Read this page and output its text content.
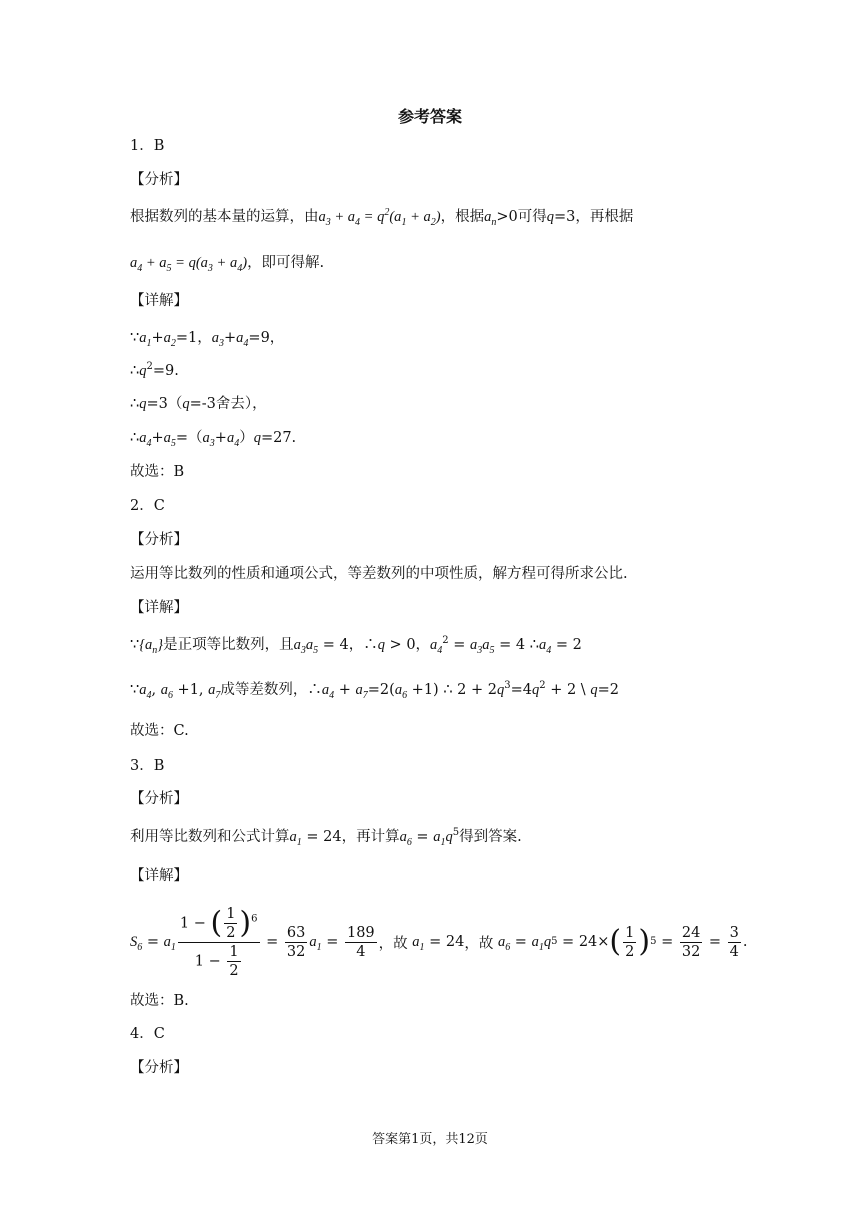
参考答案
1．B
【分析】
根据数列的基本量的运算，由$a_3 + a_4 = q^2(a_1 + a_2)$，根据$a_n>0$可得q=3，再根据
$a_4 + a_5 = q(a_3 + a_4)$，即可得解.
【详解】
$\because a_1+a_2=1$，$a_3+a_4=9$，
$\therefore q^2=9$.
∴q=3（q=-3舍去），
$\therefore a_4+a_5=(a_3+a_4)q=27$.
故选：B
2．C
【分析】
运用等比数列的性质和通项公式，等差数列的中项性质，解方程可得所求公比.
【详解】
$\because\{a_n\}$是正项等比数列，且$a_3a_5 = 4$，∴q > 0，$a_4^2 = a_3a_5 = 4$ $\therefore a_4 = 2$
$\because a_4$, $a_6 +1$, $a_7$成等差数列，$\therefore a_4 + a_7=2(a_6 +1)$ ∴ $2 + 2q^3=4q^2 + 2$ \ q=2
故选：C.
3．B
【分析】
利用等比数列和公式计算$a_1 = 24$，再计算$a_6 = a_1q^5$得到答案.
【详解】
$S_6 = a_1 \frac{1 - ( \frac{1}{2} )^6}{1 - \frac{1}{2}} = \frac{63}{32} a_1 = \frac{189}{4}$ ，故
$a_1 = 24$ ，故
$a_6 = a_1q$ 5 = 24× ( $\frac{1}{2}$ ) $5 = \frac{24}{32} = \frac{3}{4}$ .
故选：B.
4．C
【分析】
答案第1页，共12页
